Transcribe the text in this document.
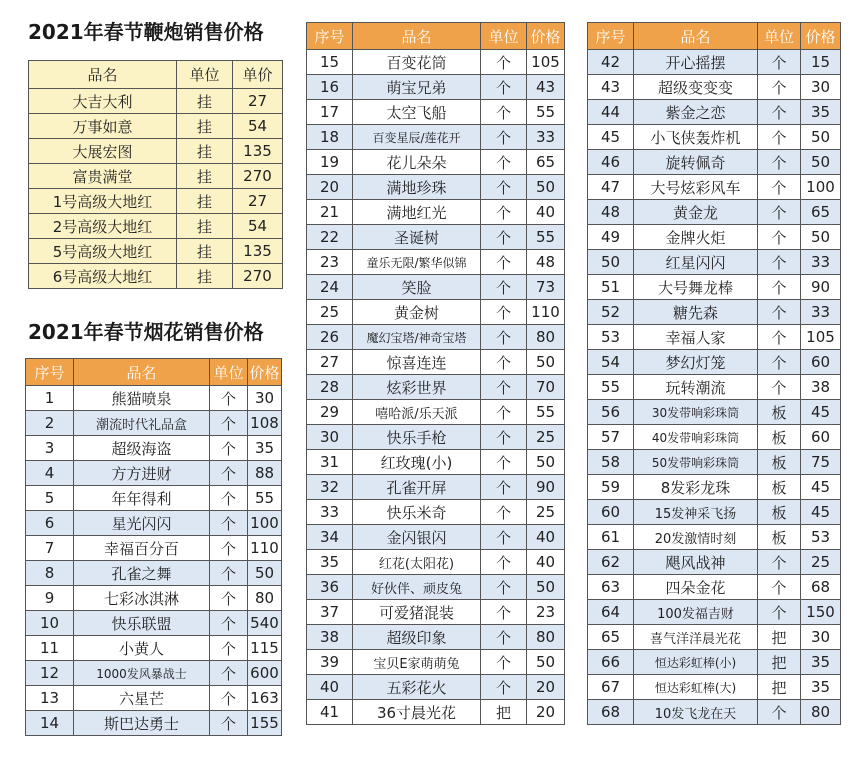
2021年春节鞭炮销售价格
品名	单位	单价
大吉大利	挂	27
万事如意	挂	54
大展宏图	挂	135
富贵满堂	挂	270
1号高级大地红	挂	27
2号高级大地红	挂	54
5号高级大地红	挂	135
6号高级大地红	挂	270
2021年春节烟花销售价格
序号	品名	单位	价格
1	熊猫喷泉	个	30
2	潮流时代礼品盒	个	108
3	超级海盗	个	35
4	方方进财	个	88
5	年年得利	个	55
6	星光闪闪	个	100
7	幸福百分百	个	110
8	孔雀之舞	个	50
9	七彩冰淇淋	个	80
10	快乐联盟	个	540
11	小黄人	个	115
12	1000发风暴战士	个	600
13	六星芒	个	163
14	斯巴达勇士	个	155
序号	品名	单位	价格
15	百变花筒	个	105
16	萌宝兄弟	个	43
17	太空飞船	个	55
18	百变星辰/莲花开	个	33
19	花儿朵朵	个	65
20	满地珍珠	个	50
21	满地红光	个	40
22	圣诞树	个	55
23	童乐无限/繁华似锦	个	48
24	笑脸	个	73
25	黄金树	个	110
26	魔幻宝塔/神奇宝塔	个	80
27	惊喜连连	个	50
28	炫彩世界	个	70
29	嘻哈派/乐天派	个	55
30	快乐手枪	个	25
31	红玫瑰(小)	个	50
32	孔雀开屏	个	90
33	快乐米奇	个	25
34	金闪银闪	个	40
35	红花(太阳花)	个	40
36	好伙伴、顽皮兔	个	50
37	可爱猪混装	个	23
38	超级印象	个	80
39	宝贝E家萌萌兔	个	50
40	五彩花火	个	20
41	36寸晨光花	把	20
序号	品名	单位	价格
42	开心摇摆	个	15
43	超级变变变	个	30
44	紫金之恋	个	35
45	小飞侠轰炸机	个	50
46	旋转佩奇	个	50
47	大号炫彩风车	个	100
48	黄金龙	个	65
49	金牌火炬	个	50
50	红星闪闪	个	33
51	大号舞龙棒	个	90
52	糖先森	个	33
53	幸福人家	个	105
54	梦幻灯笼	个	60
55	玩转潮流	个	38
56	30发带响彩珠筒	板	45
57	40发带响彩珠筒	板	60
58	50发带响彩珠筒	板	75
59	8发彩龙珠	板	45
60	15发神采飞扬	板	45
61	20发激情时刻	板	53
62	飓风战神	个	25
63	四朵金花	个	68
64	100发福吉财	个	150
65	喜气洋洋晨光花	把	30
66	恒达彩虹棒(小)	把	35
67	恒达彩虹棒(大)	把	35
68	10发飞龙在天	个	80
